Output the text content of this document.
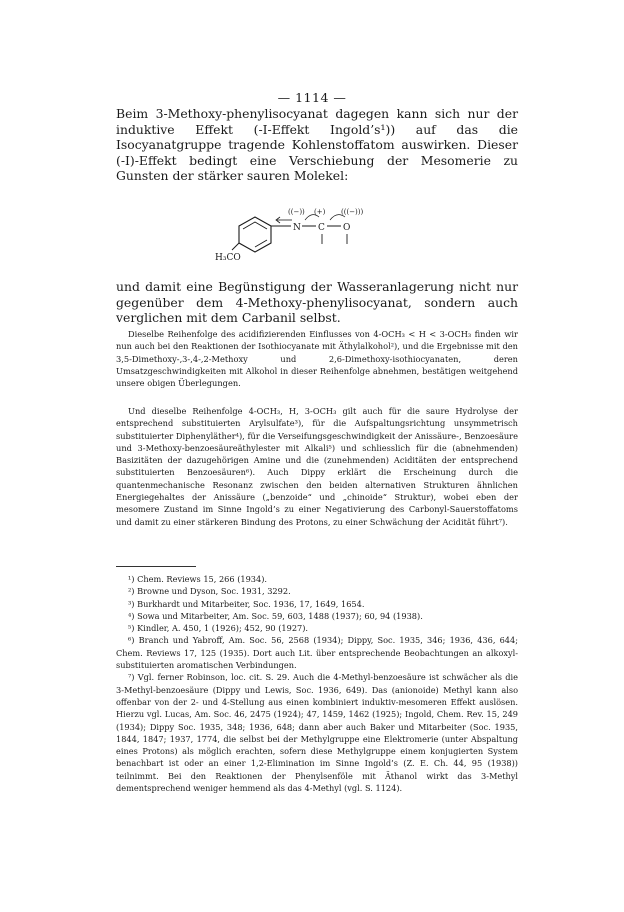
— 1114 —

Beim 3-Methoxy-phenylisocyanat dagegen kann sich nur der induktive Effekt (-I-Effekt Ingold’s¹)) auf das die Isocyanatgruppe tragende Kohlenstoffatom auswirken. Dieser (-I)-Effekt bedingt eine Verschiebung der Mesomerie zu Gunsten der stärker sauren Molekel:

N
((−))
C
(+)
O
(((−)))
H₃CO

und damit eine Begünstigung der Wasseranlagerung nicht nur gegenüber dem 4-Methoxy-phenylisocyanat, sondern auch verglichen mit dem Carbanil selbst.

Dieselbe Reihenfolge des acidifizierenden Einflusses von 4-OCH₃ < H < 3-OCH₃ finden wir nun auch bei den Reaktionen der Isothiocyanate mit Äthylalkohol²), und die Ergebnisse mit den 3,5-Dimethoxy-,3-,4-,2-Methoxy und 2,6-Dimethoxy-isothiocyanaten, deren Umsatzgeschwindigkeiten mit Alkohol in dieser Reihenfolge abnehmen, bestätigen weitgehend unsere obigen Überlegungen.

Und dieselbe Reihenfolge 4-OCH₃, H, 3-OCH₃ gilt auch für die saure Hydrolyse der entsprechend substituierten Arylsulfate³), für die Aufspaltungsrichtung unsymmetrisch substituierter Diphenyläther⁴), für die Verseifungsgeschwindigkeit der Anissäure-, Benzoesäure und 3-Methoxy-benzoesäureäthylester mit Alkali⁵) und schliesslich für die (abnehmenden) Basizitäten der dazugehörigen Amine und die (zunehmenden) Aciditäten der entsprechend substituierten Benzoesäuren⁶). Auch Dippy erklärt die Erscheinung durch die quantenmechanische Resonanz zwischen den beiden alternativen Strukturen ähnlichen Energiegehaltes der Anissäure („benzoide“ und „chinoide“ Struktur), wobei eben der mesomere Zustand im Sinne Ingold’s zu einer Negativierung des Carbonyl-Sauerstoffatoms und damit zu einer stärkeren Bindung des Protons, zu einer Schwächung der Acidität führt⁷).

¹) Chem. Reviews 15, 266 (1934).
²) Browne und Dyson, Soc. 1931, 3292.
³) Burkhardt und Mitarbeiter, Soc. 1936, 17, 1649, 1654.
⁴) Sowa und Mitarbeiter, Am. Soc. 59, 603, 1488 (1937); 60, 94 (1938).
⁵) Kindler, A. 450, 1 (1926); 452, 90 (1927).
⁶) Branch und Yabroff, Am. Soc. 56, 2568 (1934); Dippy, Soc. 1935, 346; 1936, 436, 644; Chem. Reviews 17, 125 (1935). Dort auch Lit. über entsprechende Beobachtungen an alkoxyl-substituierten aromatischen Verbindungen.
⁷) Vgl. ferner Robinson, loc. cit. S. 29. Auch die 4-Methyl-benzoesäure ist schwächer als die 3-Methyl-benzoesäure (Dippy und Lewis, Soc. 1936, 649). Das (anionoide) Methyl kann also offenbar von der 2- und 4-Stellung aus einen kombiniert induktiv-mesomeren Effekt auslösen. Hierzu vgl. Lucas, Am. Soc. 46, 2475 (1924); 47, 1459, 1462 (1925); Ingold, Chem. Rev. 15, 249 (1934); Dippy Soc. 1935, 348; 1936, 648; dann aber auch Baker und Mitarbeiter (Soc. 1935, 1844, 1847; 1937, 1774, die selbst bei der Methylgruppe eine Elektromerie (unter Abspaltung eines Protons) als möglich erachten, sofern diese Methylgruppe einem konjugierten System benachbart ist oder an einer 1,2-Elimination im Sinne Ingold’s (Z. E. Ch. 44, 95 (1938)) teilnimmt. Bei den Reaktionen der Phenylsenföle mit Äthanol wirkt das 3-Methyl dementsprechend weniger hemmend als das 4-Methyl (vgl. S. 1124).
